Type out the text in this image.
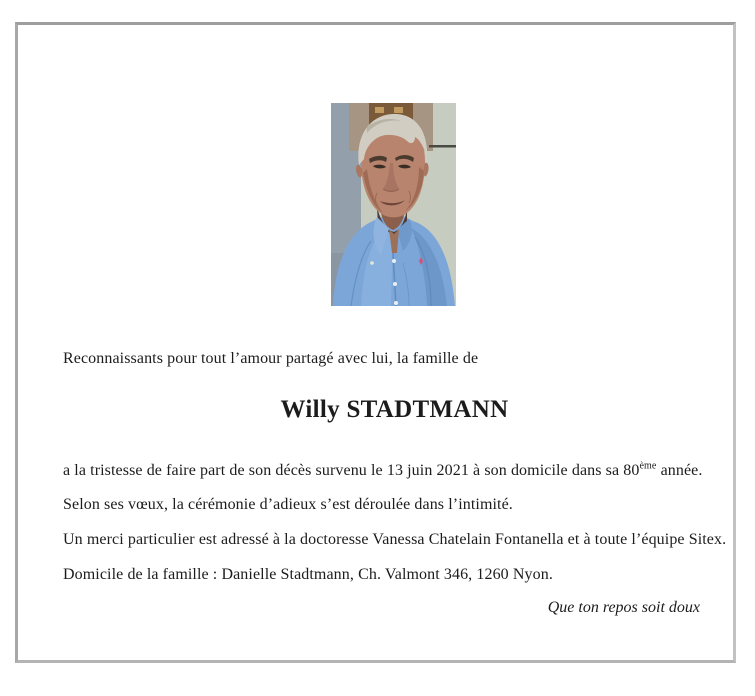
Reconnaissants pour tout l’amour partagé avec lui, la famille de
Willy STADTMANN
a la tristesse de faire part de son décès survenu le 13 juin 2021 à son domicile dans sa 80ème année.
Selon ses vœux, la cérémonie d’adieux s’est déroulée dans l’intimité.
Un merci particulier est adressé à la doctoresse Vanessa Chatelain Fontanella et à toute l’équipe Sitex.
Domicile de la famille : Danielle Stadtmann, Ch. Valmont 346, 1260 Nyon.
Que ton repos soit doux
